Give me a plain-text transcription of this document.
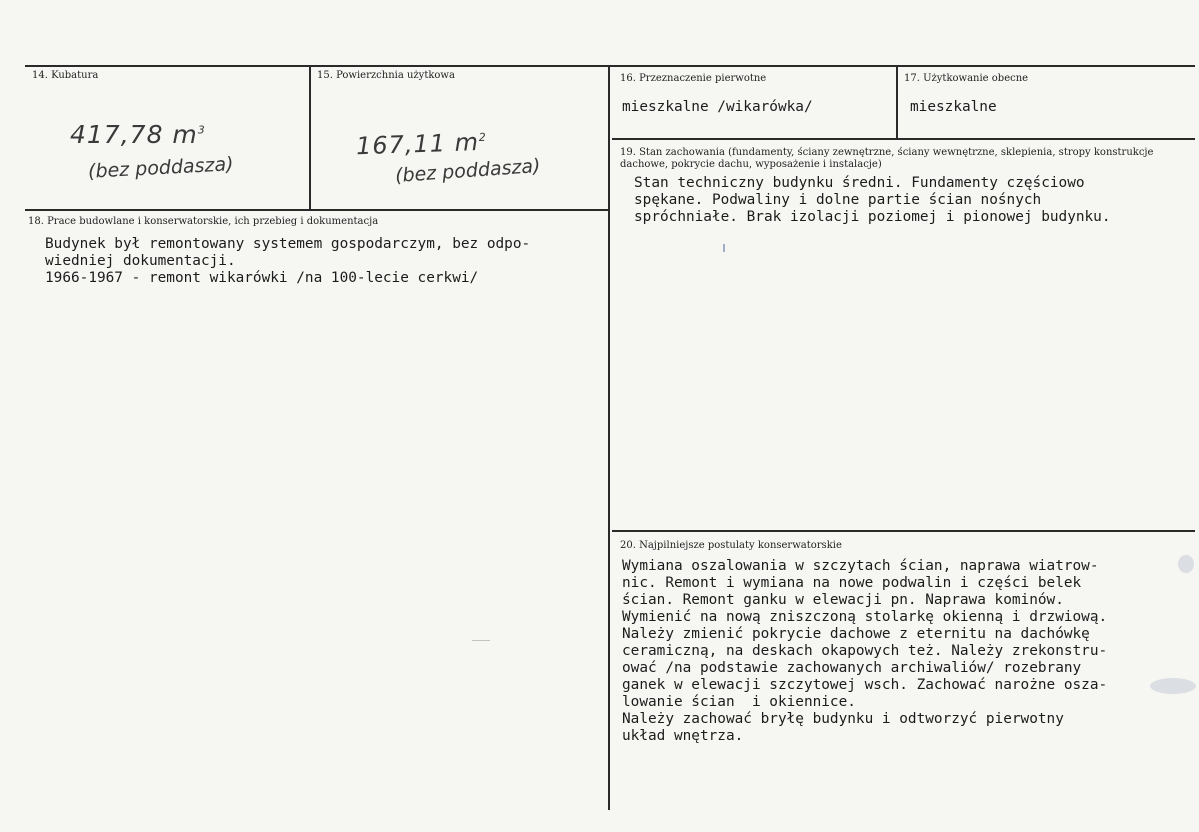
14. Kubatura
417,78 $m^3$
(bez poddasza)
15. Powierzchnia użytkowa
167,11 $m^2$
(bez poddasza)
16. Przeznaczenie pierwotne
mieszkalne /wikarówka/
17. Użytkowanie obecne
mieszkalne
18. Prace budowlane i konserwatorskie, ich przebieg i dokumentacja
Budynek był remontowany systemem gospodarczym, bez odpo-
wiedniej dokumentacji.
1966-1967 - remont wikarówki /na 100-lecie cerkwi/
19. Stan zachowania (fundamenty, ściany zewnętrzne, ściany wewnętrzne, sklepienia, stropy konstrukcje dachowe, pokrycie dachu, wyposażenie i instalacje)
Stan techniczny budynku średni. Fundamenty częściowo
spękane. Podwaliny i dolne partie ścian nośnych
spróchniałe. Brak izolacji poziomej i pionowej budynku.
20. Najpilniejsze postulaty konserwatorskie
Wymiana oszalowania w szczytach ścian, naprawa wiatrow-
nic. Remont i wymiana na nowe podwalin i części belek
ścian. Remont ganku w elewacji pn. Naprawa kominów.
Wymienić na nową zniszczoną stolarkę okienną i drzwiową.
Należy zmienić pokrycie dachowe z eternitu na dachówkę
ceramiczną, na deskach okapowych też. Należy zrekonstru-
ować /na podstawie zachowanych archiwaliów/ rozebrany
ganek w elewacji szczytowej wsch. Zachować narożne osza-
lowanie ścian  i okiennice.
Należy zachować bryłę budynku i odtworzyć pierwotny
układ wnętrza.
